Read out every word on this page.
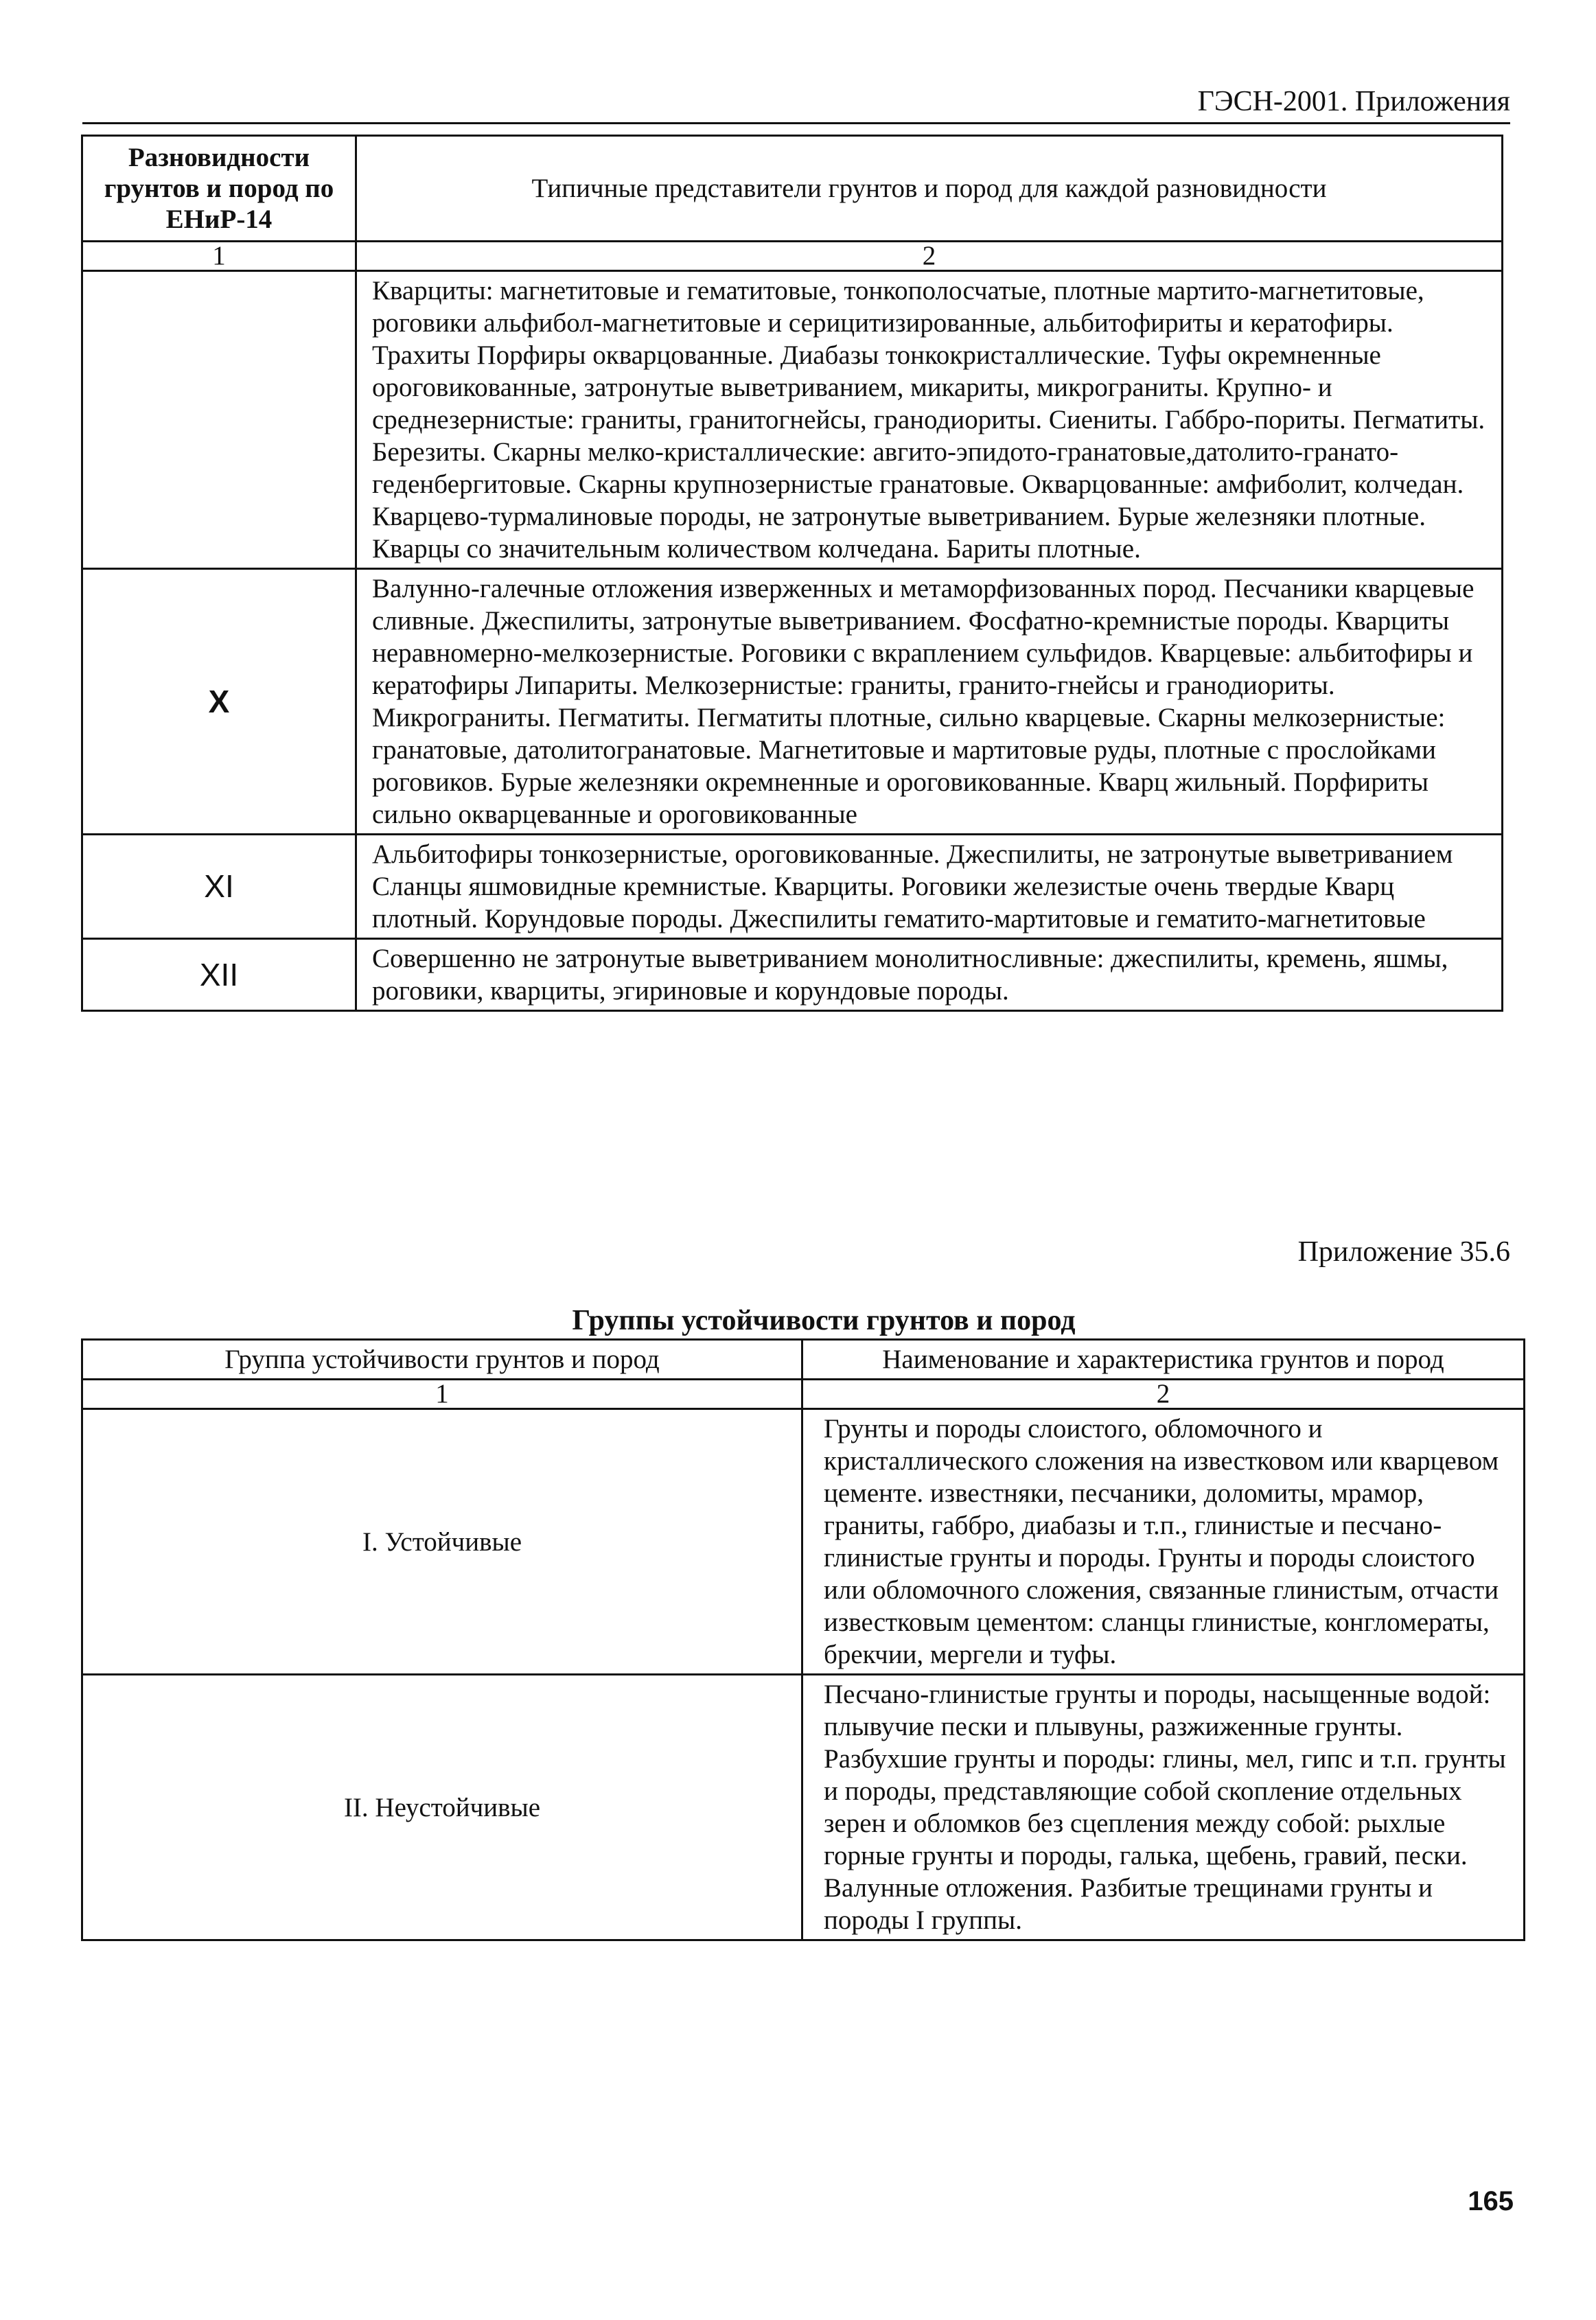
ГЭСН-2001. Приложения
Разновидности грунтов и пород по ЕНиР-14	Типичные представители грунтов и пород для каждой разновидности
1	2
	Кварциты: магнетитовые и гематитовые, тонкополосчатые, плотные мартито-магнетитовые, роговики альфибол-магнетитовые и серицитизированные, альбитофириты и кератофиры. Трахиты Порфиры окварцованные. Диабазы тонкокристаллические. Туфы окремненные ороговикованные, затронутые выветриванием, микариты, микрограниты. Крупно- и среднезернистые: граниты, гранитогнейсы, гранодиориты. Сиениты. Габбро-пориты. Пегматиты. Березиты. Скарны мелко-кристаллические: авгито-эпидото-гранатовые,датолито-гранато-геденбергитовые. Скарны крупнозернистые гранатовые. Окварцованные: амфиболит, колчедан. Кварцево-турмалиновые породы, не затронутые выветриванием. Бурые железняки плотные. Кварцы со значительным количеством колчедана. Бариты плотные.
X	Валунно-галечные отложения изверженных и метаморфизованных пород. Песчаники кварцевые сливные. Джеспилиты, затронутые выветриванием. Фосфатно-кремнистые породы. Кварциты неравномерно-мелкозернистые. Роговики с вкраплением сульфидов. Кварцевые: альбитофиры и кератофиры Липариты. Мелкозернистые: граниты, гранито-гнейсы и гранодиориты. Микрограниты. Пегматиты. Пегматиты плотные, сильно кварцевые. Скарны мелкозернистые: гранатовые, датолитогранатовые. Магнетитовые и мартитовые руды, плотные с прослойками роговиков. Бурые железняки окремненные и ороговикованные. Кварц жильный. Порфириты сильно окварцеванные и ороговикованные
XI	Альбитофиры тонкозернистые, ороговикованные. Джеспилиты, не затронутые выветриванием Сланцы яшмовидные кремнистые. Кварциты. Роговики железистые очень твердые Кварц плотный. Корундовые породы. Джеспилиты гематито-мартитовые и гематито-магнетитовые
XII	Совершенно не затронутые выветриванием монолитносливные: джеспилиты, кремень, яшмы, роговики, кварциты, эгириновые и корундовые породы.
Приложение 35.6
Группы устойчивости грунтов и пород
Группа устойчивости грунтов и пород	Наименование и характеристика грунтов и пород
1	2
I. Устойчивые	Грунты и породы слоистого, обломочного и кристаллического сложения на известковом или кварцевом цементе. известняки, песчаники, доломиты, мрамор, граниты, габбро, диабазы и т.п., глинистые и песчано-глинистые грунты и породы. Грунты и породы слоистого или обломочного сложения, связанные глинистым, отчасти известковым цементом: сланцы глинистые, конгломераты, брекчии, мергели и туфы.
II. Неустойчивые	Песчано-глинистые грунты и породы, насыщенные водой: плывучие пески и плывуны, разжиженные грунты. Разбухшие грунты и породы: глины, мел, гипс и т.п. грунты и породы, представляющие собой скопление отдельных зерен и обломков без сцепления между собой: рыхлые горные грунты и породы, галька, щебень, гравий, пески. Валунные отложения. Разбитые трещинами грунты и породы I группы.
165
